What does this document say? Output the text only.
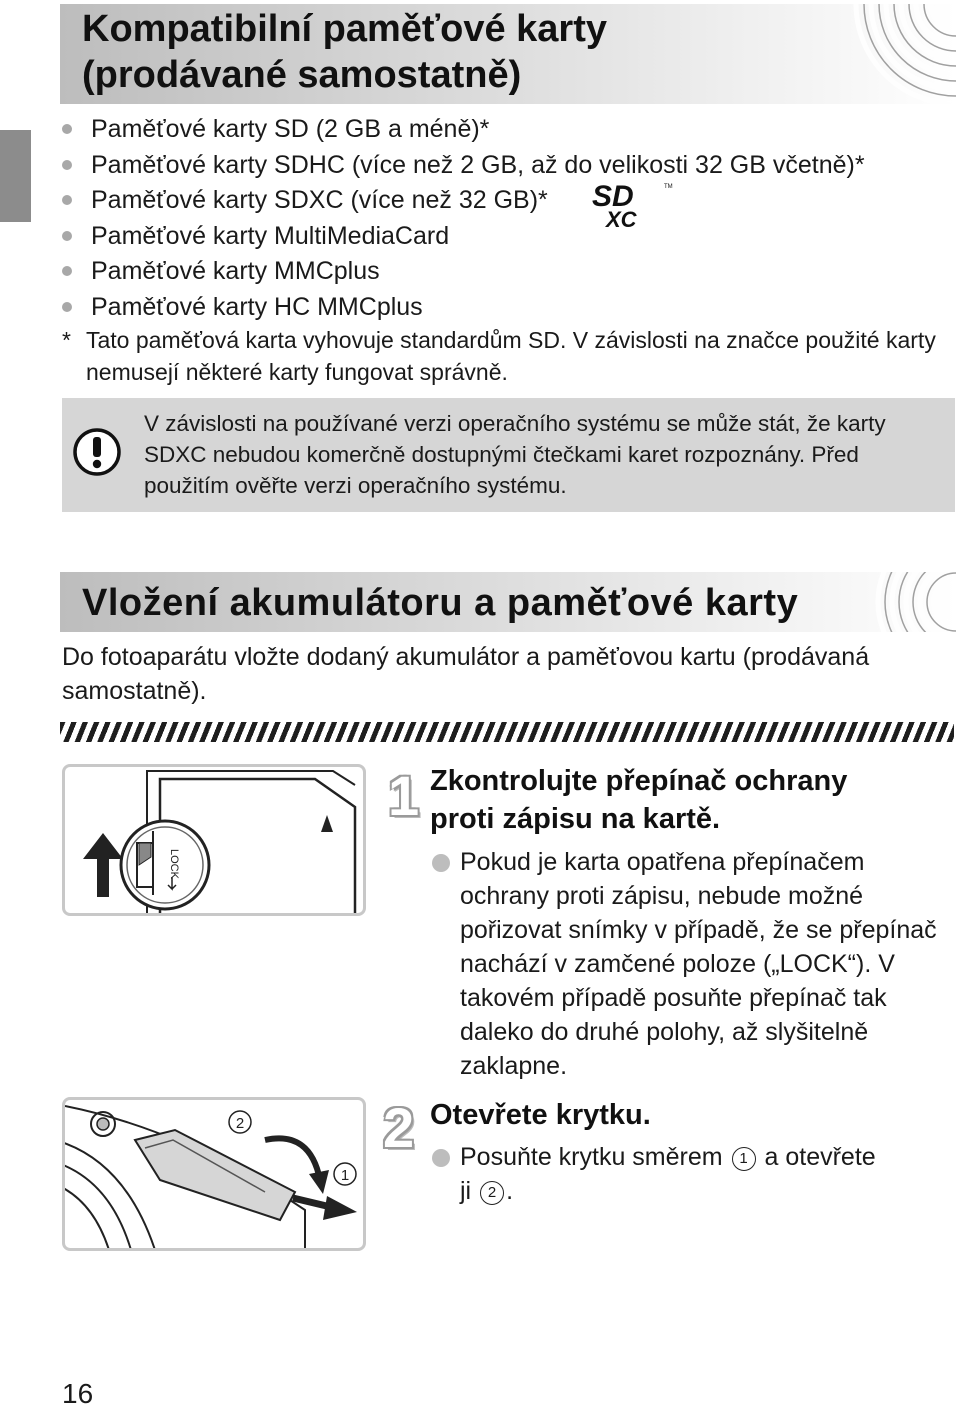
Kompatibilní paměťové karty
(prodávané samostatně)
Paměťové karty SD (2 GB a méně)*
Paměťové karty SDHC (více než 2 GB, až do velikosti 32 GB včetně)*
Paměťové karty SDXC (více než 32 GB)*
Paměťové karty MultiMediaCard
Paměťové karty MMCplus
Paměťové karty HC MMCplus
SD
XC
TM
* Tato paměťová karta vyhovuje standardům SD. V závislosti na značce použité karty nemusejí některé karty fungovat správně.
V závislosti na používané verzi operačního systému se může stát, že karty SDXC nebudou komerčně dostupnými čtečkami karet rozpoznány. Před použitím ověřte verzi operačního systému.
Vložení akumulátoru a paměťové karty
Do fotoaparátu vložte dodaný akumulátor a paměťovou kartu (prodávaná samostatně).
LOCK
2
1
1 Zkontrolujte přepínač ochrany
proti zápisu na kartě.
Pokud je karta opatřena přepínačem ochrany proti zápisu, nebude možné pořizovat snímky v případě, že se přepínač nachází v zamčené poloze („LOCK“). V takovém případě posuňte přepínač tak daleko do druhé polohy, až slyšitelně zaklapne.
2 Otevřete krytku.
Posuňte krytku směrem 1 a otevřete
ji 2 .
16
